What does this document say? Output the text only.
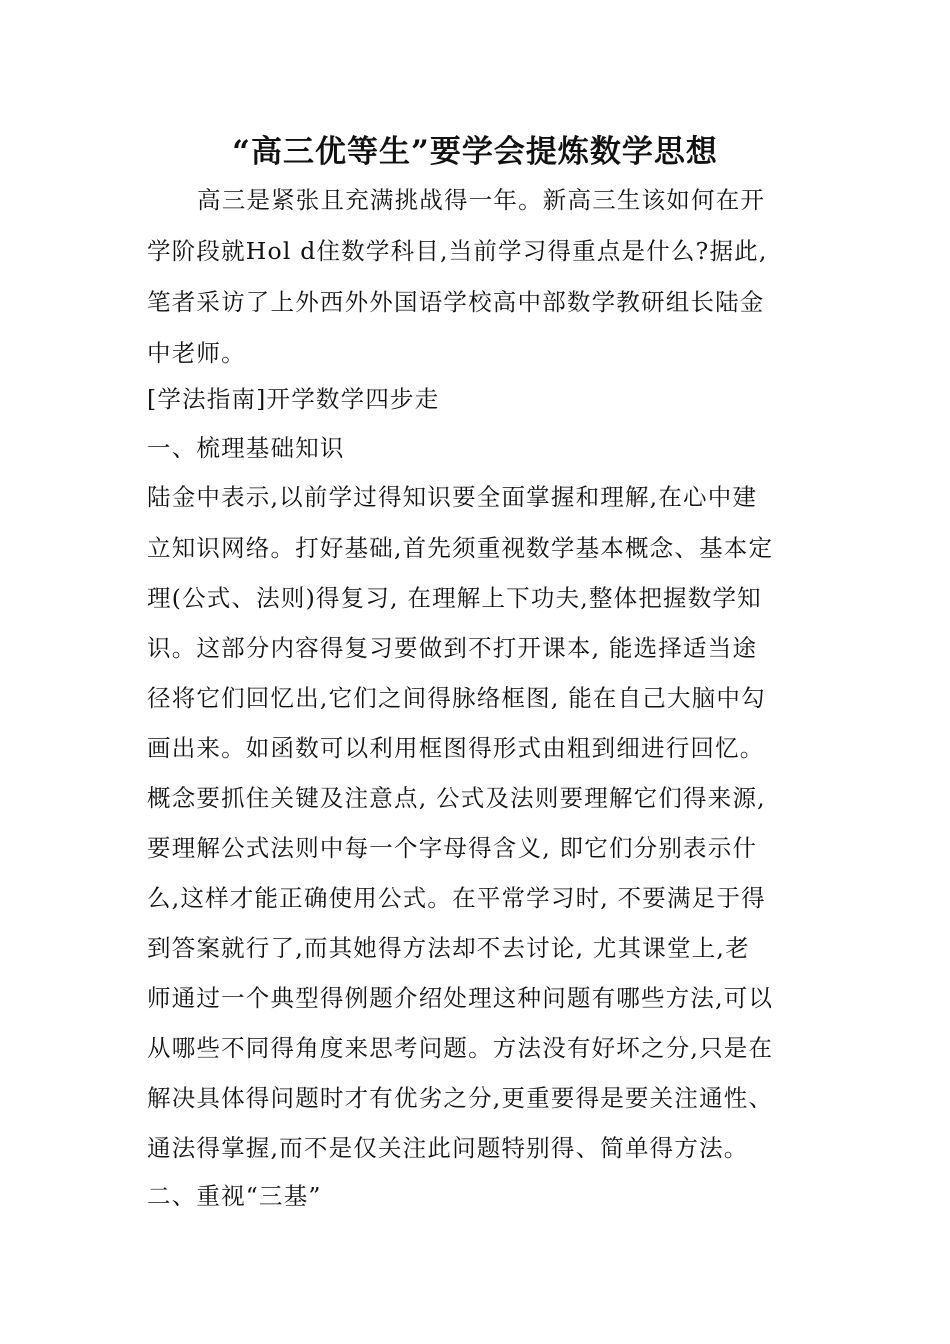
“高三优等生”要学会提炼数学思想
高三是紧张且充满挑战得一年。新高三生该如何在开
学阶段就Hol d住数学科目,当前学习得重点是什么?据此,
笔者采访了上外西外外国语学校高中部数学教研组长陆金
中老师。
[学法指南]开学数学四步走
一、梳理基础知识
陆金中表示,以前学过得知识要全面掌握和理解,在心中建
立知识网络。打好基础,首先须重视数学基本概念、基本定
理(公式、法则)得复习, 在理解上下功夫,整体把握数学知
识。这部分内容得复习要做到不打开课本, 能选择适当途
径将它们回忆出,它们之间得脉络框图, 能在自己大脑中勾
画出来。如函数可以利用框图得形式由粗到细进行回忆。
概念要抓住关键及注意点, 公式及法则要理解它们得来源,
要理解公式法则中每一个字母得含义, 即它们分别表示什
么,这样才能正确使用公式。在平常学习时, 不要满足于得
到答案就行了,而其她得方法却不去讨论, 尤其课堂上,老
师通过一个典型得例题介绍处理这种问题有哪些方法,可以
从哪些不同得角度来思考问题。方法没有好坏之分,只是在
解决具体得问题时才有优劣之分,更重要得是要关注通性、
通法得掌握,而不是仅关注此问题特别得、简单得方法。
二、重视“三基”
